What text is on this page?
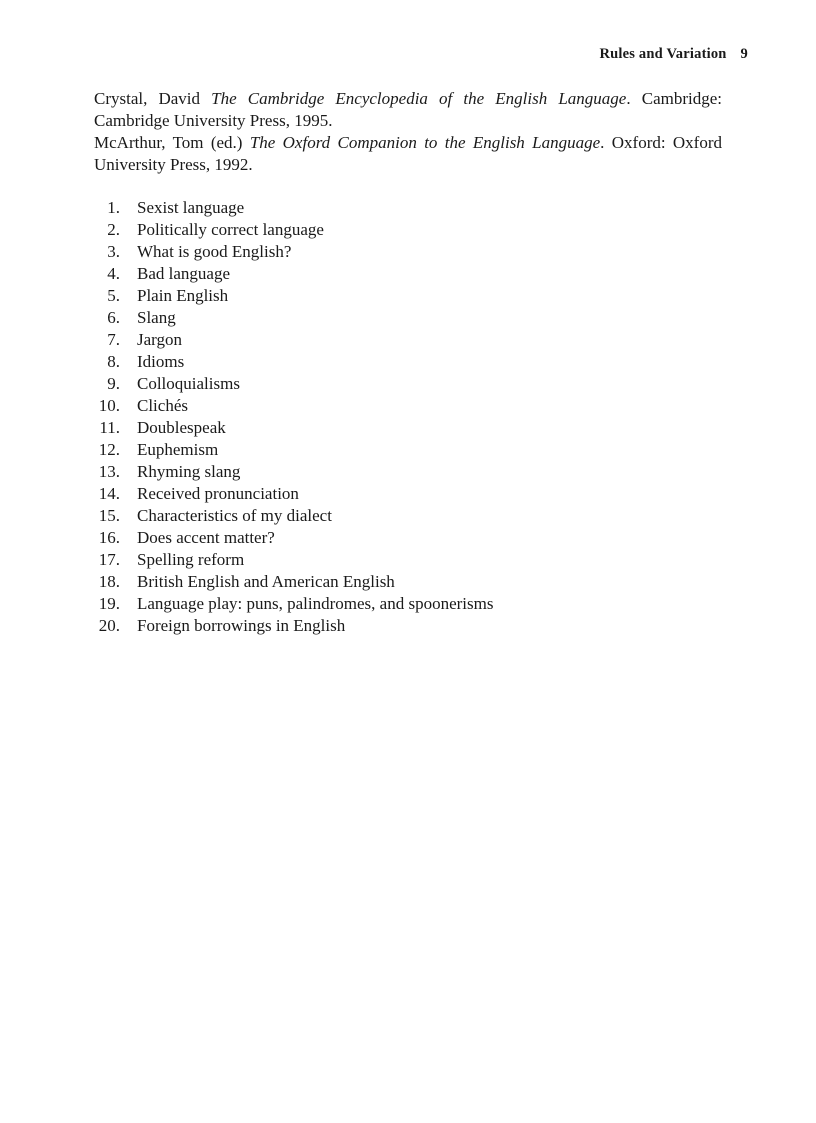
Rules and Variation 9

Crystal, David The Cambridge Encyclopedia of the English Language. Cambridge: Cambridge University Press, 1995.

McArthur, Tom (ed.) The Oxford Companion to the English Language. Oxford: Oxford University Press, 1992.

1. Sexist language
2. Politically correct language
3. What is good English?
4. Bad language
5. Plain English
6. Slang
7. Jargon
8. Idioms
9. Colloquialisms
10. Clichés
11. Doublespeak
12. Euphemism
13. Rhyming slang
14. Received pronunciation
15. Characteristics of my dialect
16. Does accent matter?
17. Spelling reform
18. British English and American English
19. Language play: puns, palindromes, and spoonerisms
20. Foreign borrowings in English
